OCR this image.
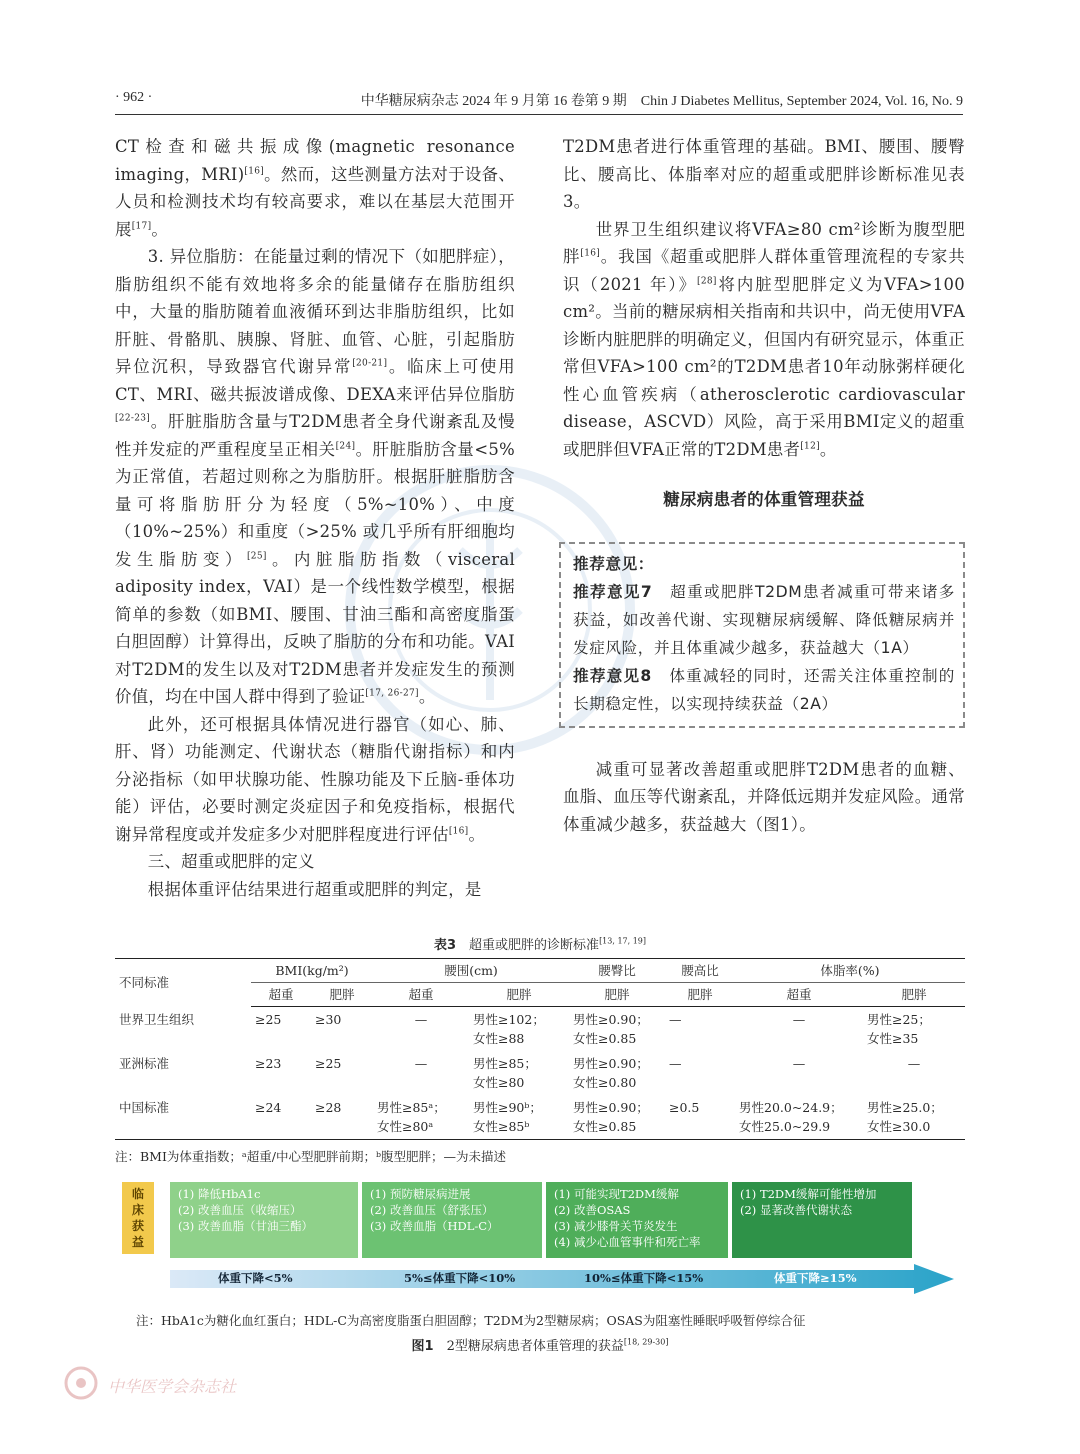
· 962 ·	中华糖尿病杂志 2024 年 9 月第 16 卷第 9 期　Chin J Diabetes Mellitus, September 2024, Vol. 16, No. 9

CT检查和磁共振成像(magnetic resonance imaging，MRI)[16]。然而，这些测量方法对于设备、人员和检测技术均有较高要求，难以在基层大范围开展[17]。

3. 异位脂肪：在能量过剩的情况下（如肥胖症），脂肪组织不能有效地将多余的能量储存在脂肪组织中，大量的脂肪随着血液循环到达非脂肪组织，比如肝脏、骨骼肌、胰腺、肾脏、血管、心脏，引起脂肪异位沉积，导致器官代谢异常[20-21]。临床上可使用CT、MRI、磁共振波谱成像、DEXA来评估异位脂肪[22-23]。肝脏脂肪含量与T2DM患者全身代谢紊乱及慢性并发症的严重程度呈正相关[24]。肝脏脂肪含量<5% 为正常值，若超过则称之为脂肪肝。根据肝脏脂肪含量可将脂肪肝分为轻度（5%~10%）、中度（10%~25%）和重度（>25% 或几乎所有肝细胞均发生脂肪变）[25]。内脏脂肪指数（visceral adiposity index，VAI）是一个线性数学模型，根据简单的参数（如BMI、腰围、甘油三酯和高密度脂蛋白胆固醇）计算得出，反映了脂肪的分布和功能。VAI对T2DM的发生以及对T2DM患者并发症发生的预测价值，均在中国人群中得到了验证[17, 26-27]。

此外，还可根据具体情况进行器官（如心、肺、肝、肾）功能测定、代谢状态（糖脂代谢指标）和内分泌指标（如甲状腺功能、性腺功能及下丘脑-垂体功能）评估，必要时测定炎症因子和免疫指标，根据代谢异常程度或并发症多少对肥胖程度进行评估[16]。

三、超重或肥胖的定义

根据体重评估结果进行超重或肥胖的判定，是

T2DM患者进行体重管理的基础。BMI、腰围、腰臀比、腰高比、体脂率对应的超重或肥胖诊断标准见表3。

世界卫生组织建议将VFA≥80 cm²诊断为腹型肥胖[16]。我国《超重或肥胖人群体重管理流程的专家共识（2021 年）》[28]将内脏型肥胖定义为VFA>100 cm²。当前的糖尿病相关指南和共识中，尚无使用VFA诊断内脏肥胖的明确定义，但国内有研究显示，体重正常但VFA>100 cm²的T2DM患者10年动脉粥样硬化性心血管疾病（atherosclerotic cardiovascular disease，ASCVD）风险，高于采用BMI定义的超重或肥胖但VFA正常的T2DM患者[12]。

糖尿病患者的体重管理获益

推荐意见：

推荐意见7　超重或肥胖T2DM患者减重可带来诸多获益，如改善代谢、实现糖尿病缓解、降低糖尿病并发症风险，并且体重减少越多，获益越大（1A）

推荐意见8　体重减轻的同时，还需关注体重控制的长期稳定性，以实现持续获益（2A）

减重可显著改善超重或肥胖T2DM患者的血糖、血脂、血压等代谢紊乱，并降低远期并发症风险。通常体重减少越多，获益越大（图1）。

表3　 超重或肥胖的诊断标准[13, 17, 19]
不同标准	BMI(kg/m²)		腰围(cm)		腰臀比	腰高比	体脂率(%)	
	超重	肥胖	超重	肥胖	肥胖	肥胖	超重	肥胖
世界卫生组织	≥25	≥30	—	男性≥102；
女性≥88	男性≥0.90；
女性≥0.85	—	—	男性≥25；
女性≥35
亚洲标准	≥23	≥25	—	男性≥85；
女性≥80	男性≥0.90；
女性≥0.80	—	—	—
中国标准	≥24	≥28	男性≥85ᵃ；
女性≥80ᵃ	男性≥90ᵇ；
女性≥85ᵇ	男性≥0.90；
女性≥0.85	≥0.5	男性20.0~24.9；
女性25.0~29.9	男性≥25.0；
女性≥30.0
注：BMI为体重指数；ᵃ超重/中心型肥胖前期；ᵇ腹型肥胖；—为未描述
临床获益
(1) 降低HbA1c
(2) 改善血压（收缩压）
(3) 改善血脂（甘油三酯）
(1) 预防糖尿病进展
(2) 改善血压（舒张压）
(3) 改善血脂（HDL-C）
(1) 可能实现T2DM缓解
(2) 改善OSAS
(3) 减少膝骨关节炎发生
(4) 减少心血管事件和死亡率
(1) T2DM缓解可能性增加
(2) 显著改善代谢状态
体重下降<5%	5%≤体重下降<10%	10%≤体重下降<15%	体重下降≥15%
注：HbA1c为糖化血红蛋白；HDL-C为高密度脂蛋白胆固醇；T2DM为2型糖尿病；OSAS为阻塞性睡眠呼吸暂停综合征
图1　 2型糖尿病患者体重管理的获益[18, 29-30]
中华医学会杂志社
